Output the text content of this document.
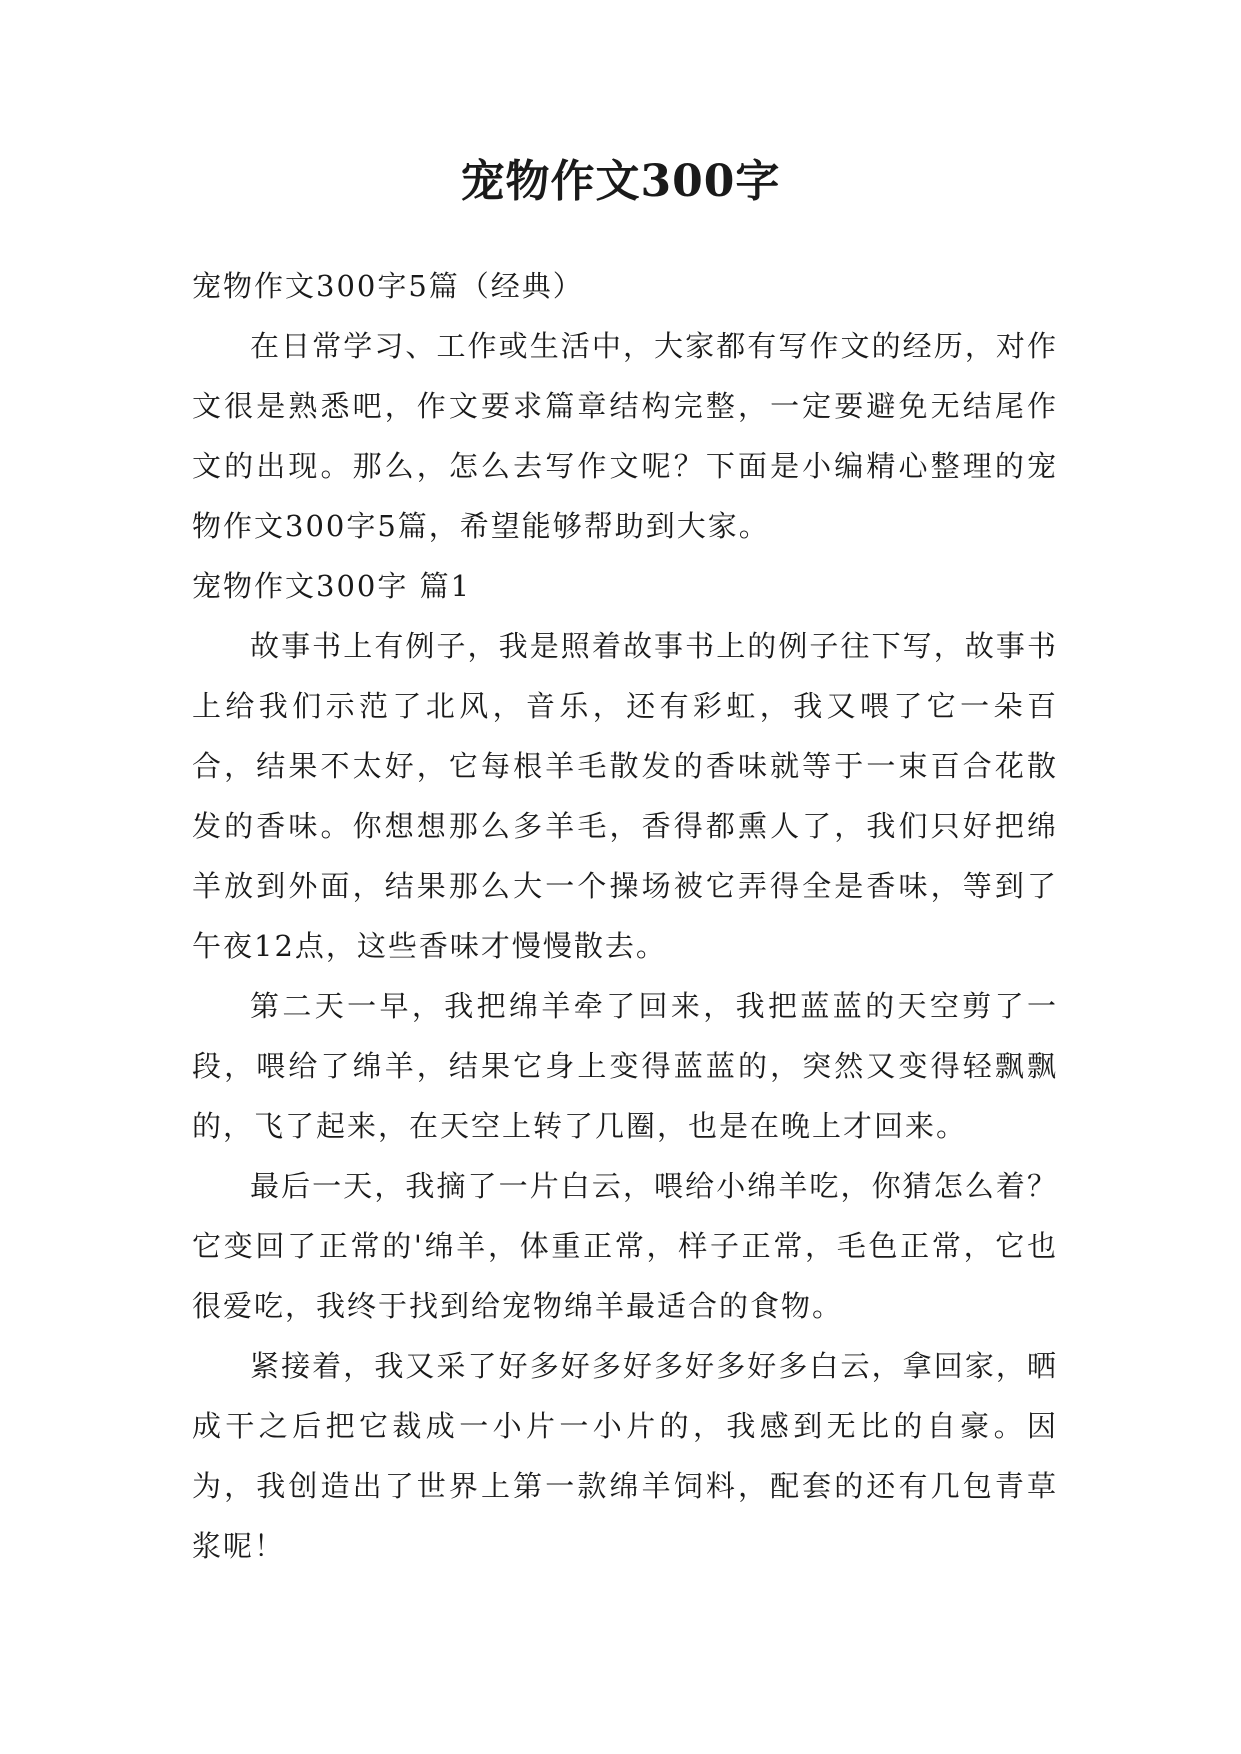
宠物作文300字

宠物作文300字5篇（经典）

在日常学习、工作或生活中，大家都有写作文的经历，对作文很是熟悉吧，作文要求篇章结构完整，一定要避免无结尾作文的出现。那么，怎么去写作文呢？下面是小编精心整理的宠物作文300字5篇，希望能够帮助到大家。

宠物作文300字 篇1

故事书上有例子，我是照着故事书上的例子往下写，故事书上给我们示范了北风，音乐，还有彩虹，我又喂了它一朵百合，结果不太好，它每根羊毛散发的香味就等于一束百合花散发的香味。你想想那么多羊毛，香得都熏人了，我们只好把绵羊放到外面，结果那么大一个操场被它弄得全是香味，等到了午夜12点，这些香味才慢慢散去。

第二天一早，我把绵羊牵了回来，我把蓝蓝的天空剪了一段，喂给了绵羊，结果它身上变得蓝蓝的，突然又变得轻飘飘的，飞了起来，在天空上转了几圈，也是在晚上才回来。

最后一天，我摘了一片白云，喂给小绵羊吃，你猜怎么着？它变回了正常的'绵羊，体重正常，样子正常，毛色正常，它也很爱吃，我终于找到给宠物绵羊最适合的食物。

紧接着，我又采了好多好多好多好多好多白云，拿回家，晒成干之后把它裁成一小片一小片的，我感到无比的自豪。因为，我创造出了世界上第一款绵羊饲料，配套的还有几包青草浆呢！
